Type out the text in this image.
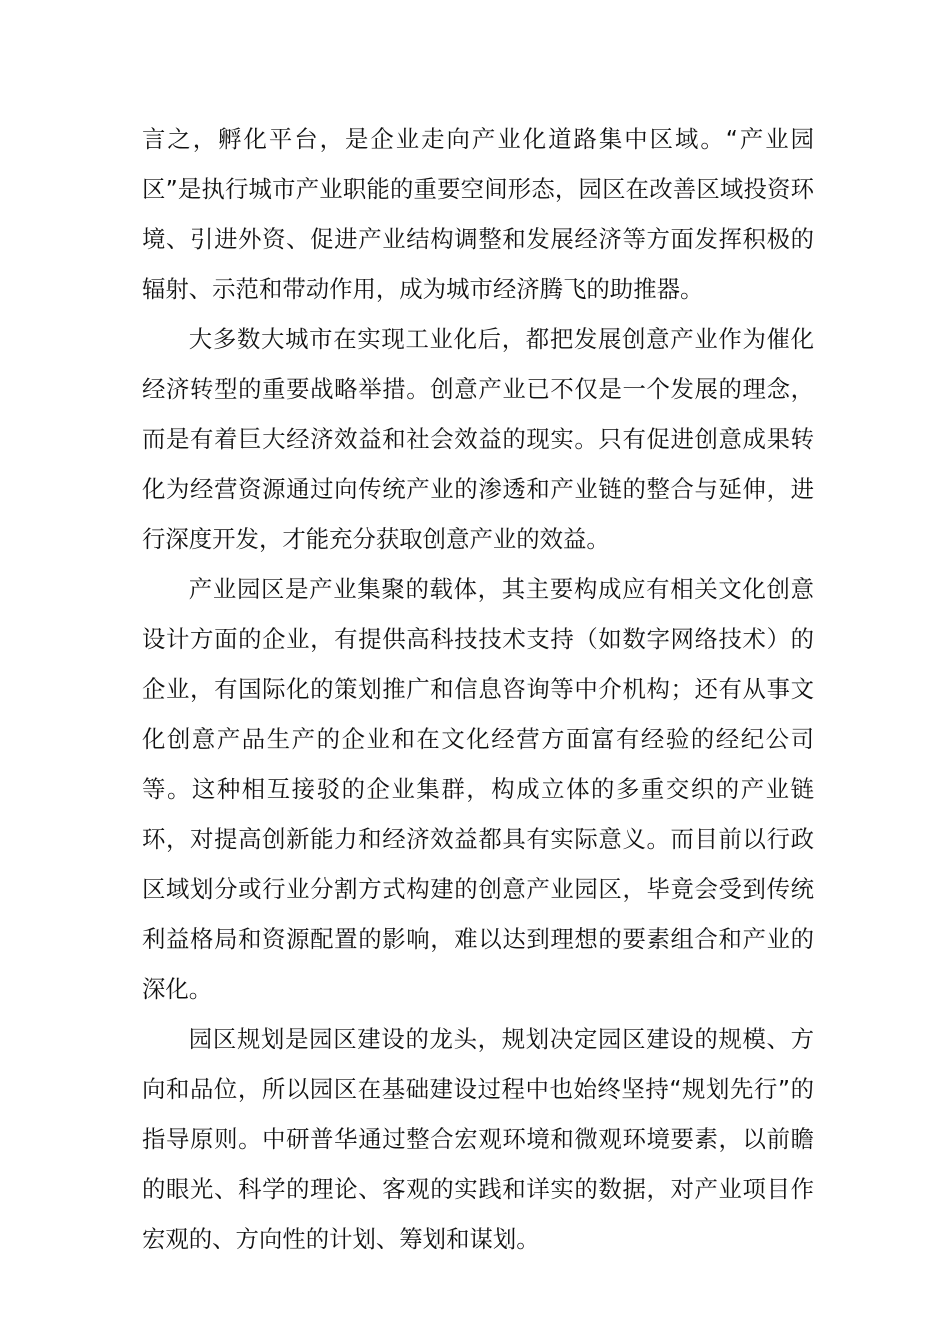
言之，孵化平台，是企业走向产业化道路集中区域。“产业园区”是执行城市产业职能的重要空间形态，园区在改善区域投资环境、引进外资、促进产业结构调整和发展经济等方面发挥积极的辐射、示范和带动作用，成为城市经济腾飞的助推器。

大多数大城市在实现工业化后，都把发展创意产业作为催化经济转型的重要战略举措。创意产业已不仅是一个发展的理念，而是有着巨大经济效益和社会效益的现实。只有促进创意成果转化为经营资源通过向传统产业的渗透和产业链的整合与延伸，进行深度开发，才能充分获取创意产业的效益。

产业园区是产业集聚的载体，其主要构成应有相关文化创意设计方面的企业，有提供高科技技术支持（如数字网络技术）的企业，有国际化的策划推广和信息咨询等中介机构；还有从事文化创意产品生产的企业和在文化经营方面富有经验的经纪公司等。这种相互接驳的企业集群，构成立体的多重交织的产业链环，对提高创新能力和经济效益都具有实际意义。而目前以行政区域划分或行业分割方式构建的创意产业园区，毕竟会受到传统利益格局和资源配置的影响，难以达到理想的要素组合和产业的深化。

园区规划是园区建设的龙头，规划决定园区建设的规模、方向和品位，所以园区在基础建设过程中也始终坚持“规划先行”的指导原则。中研普华通过整合宏观环境和微观环境要素，以前瞻的眼光、科学的理论、客观的实践和详实的数据，对产业项目作宏观的、方向性的计划、筹划和谋划。
